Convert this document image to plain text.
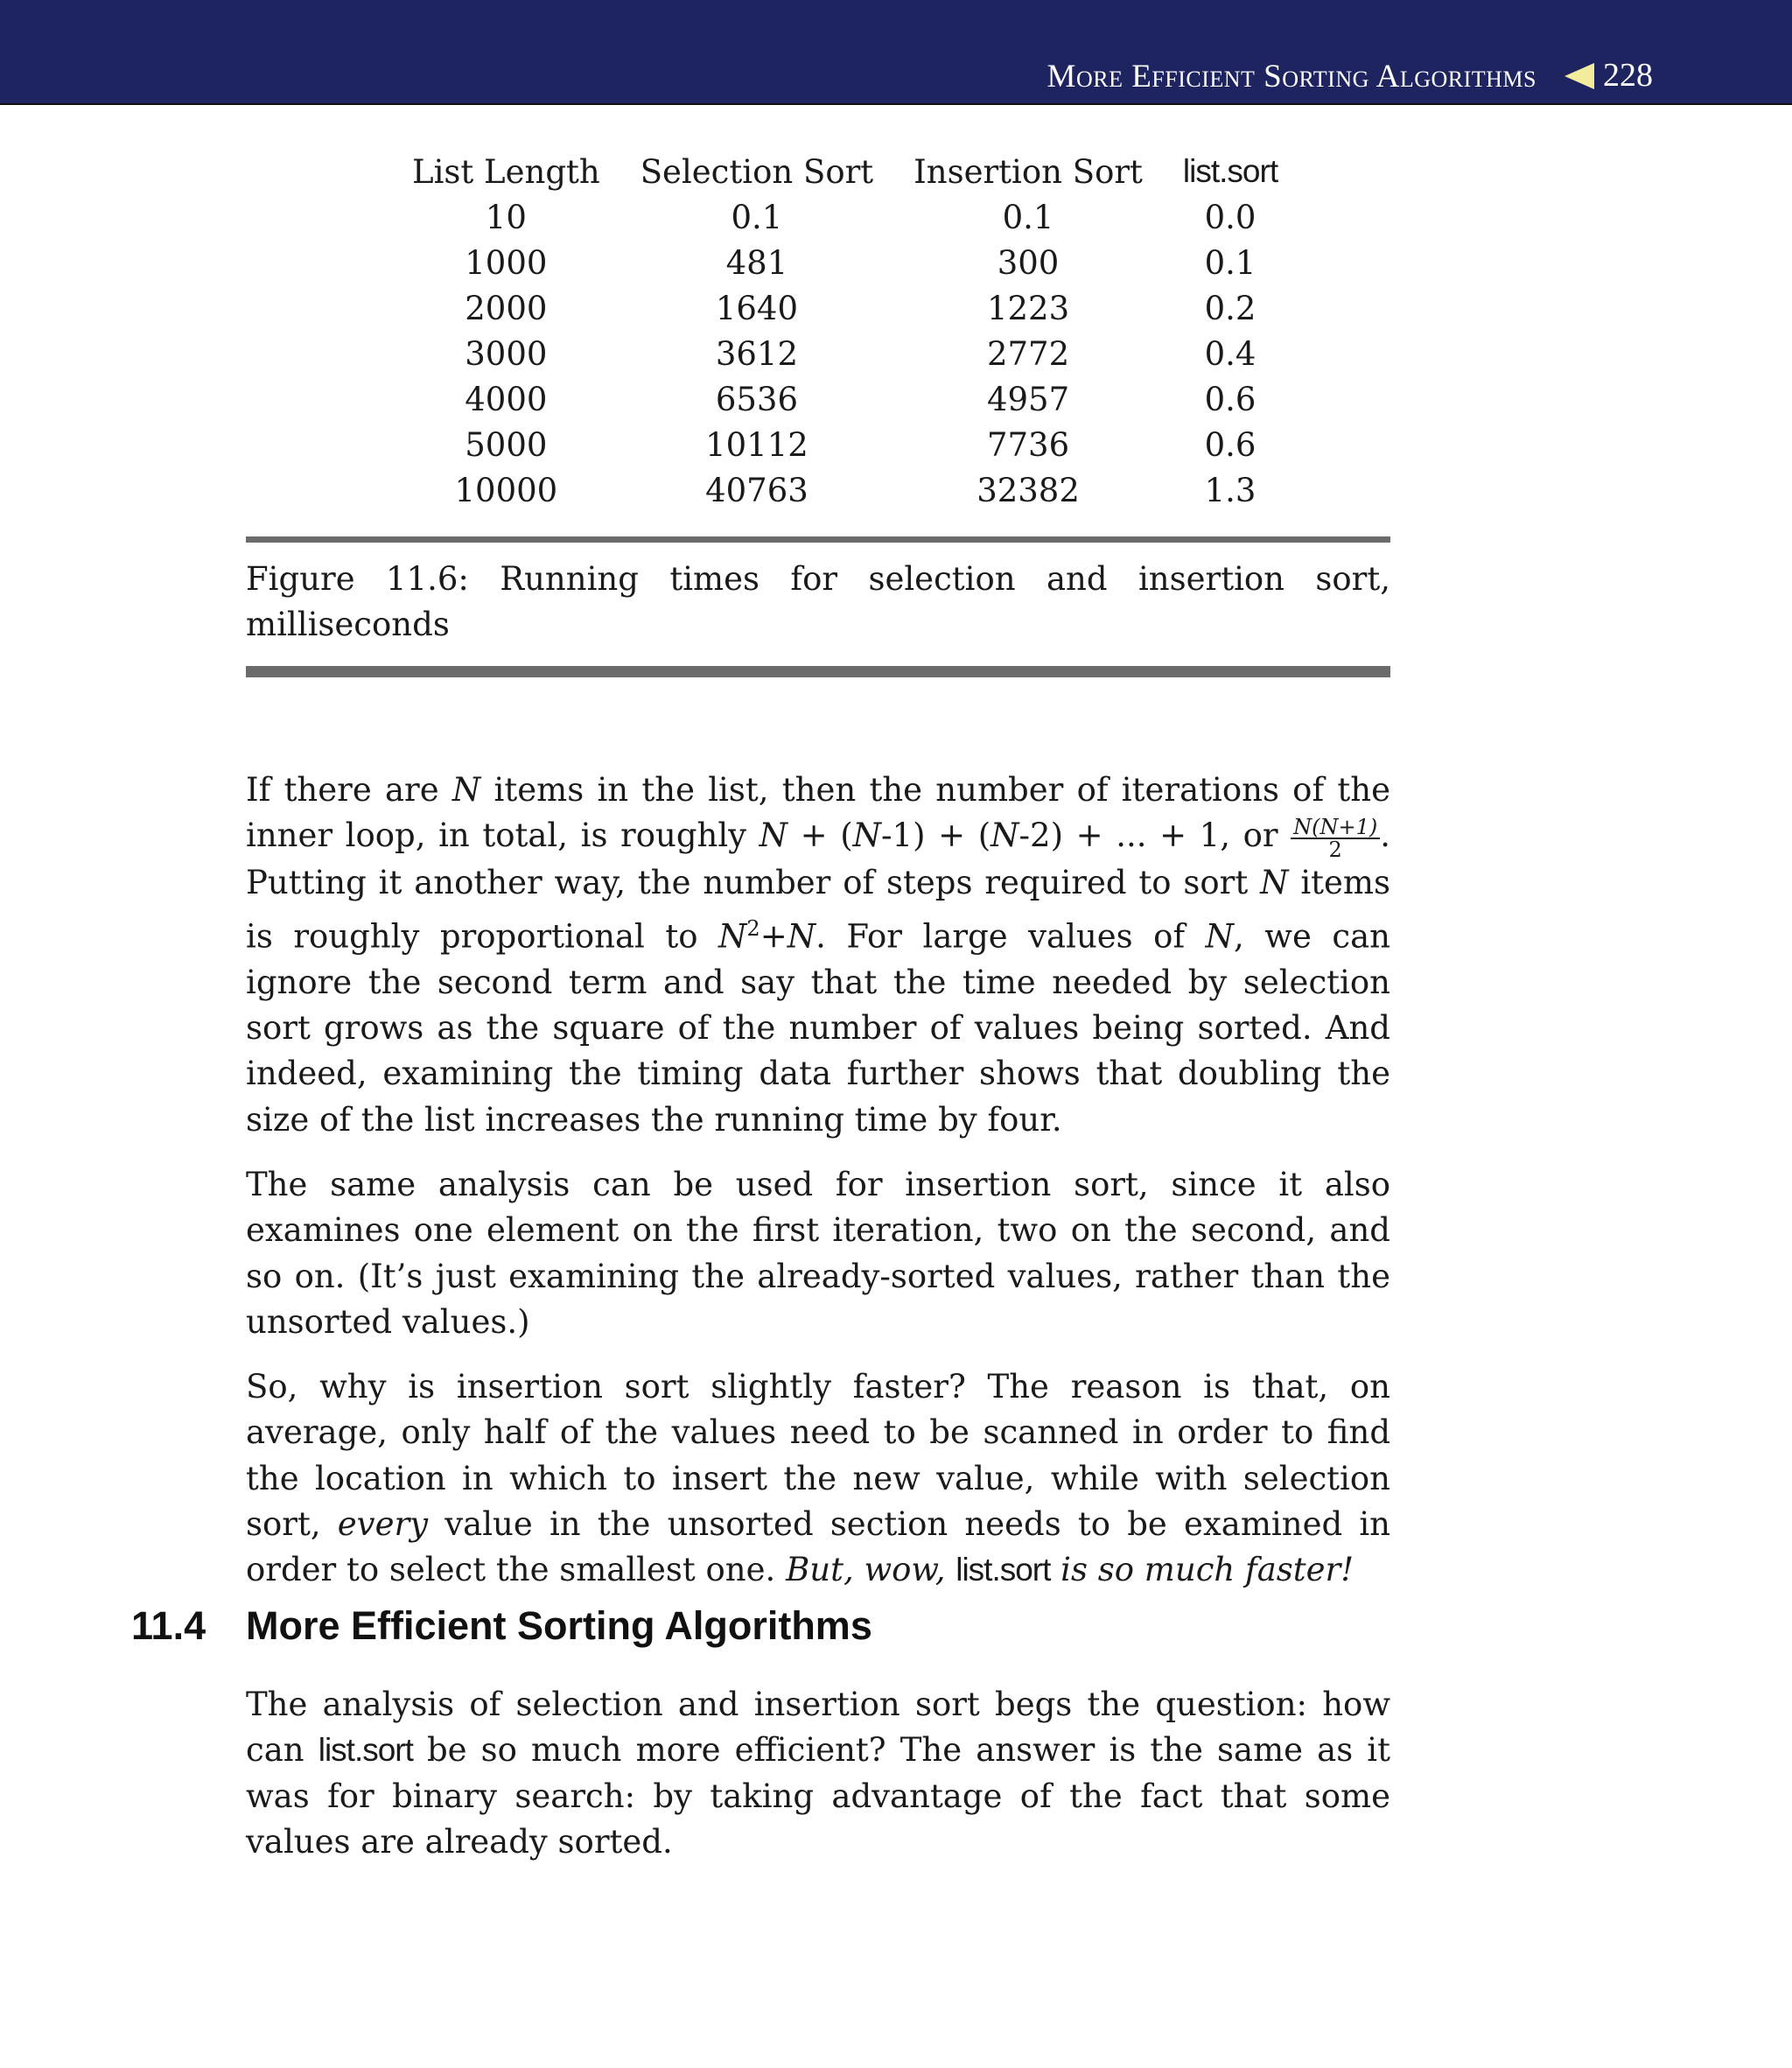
More Efficient Sorting Algorithms 228
List Length	Selection Sort	Insertion Sort	list.sort
10	0.1	0.1	0.0
1000	481	300	0.1
2000	1640	1223	0.2
3000	3612	2772	0.4
4000	6536	4957	0.6
5000	10112	7736	0.6
10000	40763	32382	1.3
Figure 11.6: Running times for selection and insertion sort, milliseconds

If there are N items in the list, then the number of iterations of the inner loop, in total, is roughly N + (N-1) + (N-2) + ... + 1, or $\frac{N(N+1)}{2}$ . Putting it another way, the number of steps required to sort N items is roughly proportional to $N^2+N$. For large values of N, we can ignore the second term and say that the time needed by selection sort grows as the square of the number of values being sorted. And indeed, examining the timing data further shows that doubling the size of the list increases the running time by four.

The same analysis can be used for insertion sort, since it also examines one element on the first iteration, two on the second, and so on. (It’s just examining the already-sorted values, rather than the unsorted values.)

So, why is insertion sort slightly faster? The reason is that, on average, only half of the values need to be scanned in order to find the location in which to insert the new value, while with selection sort, every value in the unsorted section needs to be examined in order to select the smallest one. But, wow, list.sort is so much faster!

11.4 More Efficient Sorting Algorithms

The analysis of selection and insertion sort begs the question: how can list.sort be so much more efficient? The answer is the same as it was for binary search: by taking advantage of the fact that some values are already sorted.
